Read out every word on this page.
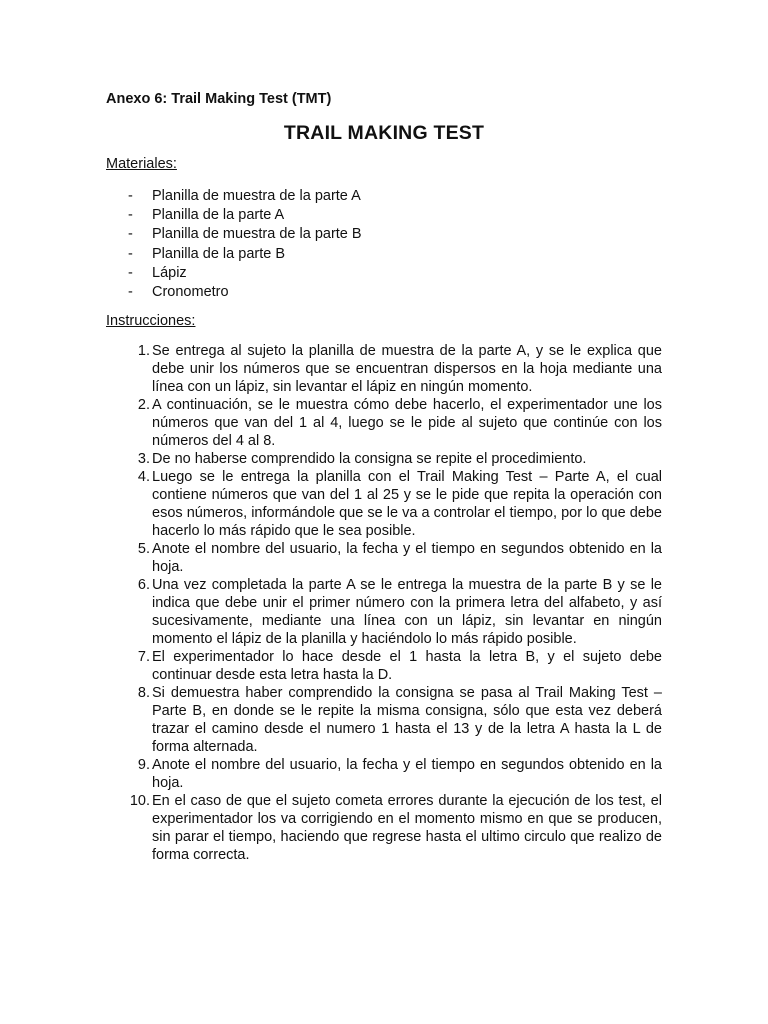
Anexo 6: Trail Making Test (TMT)

TRAIL MAKING TEST

Materiales:

- Planilla de muestra de la parte A
- Planilla de la parte A
- Planilla de muestra de la parte B
- Planilla de la parte B
- Lápiz
- Cronometro

Instrucciones:

1. Se entrega al sujeto la planilla de muestra de la parte A, y se le explica que debe unir los números que se encuentran dispersos en la hoja mediante una línea con un lápiz, sin levantar el lápiz en ningún momento.
2. A continuación, se le muestra cómo debe hacerlo, el experimentador une los números que van del 1 al 4, luego se le pide al sujeto que continúe con los números del 4 al 8.
3. De no haberse comprendido la consigna se repite el procedimiento.
4. Luego se le entrega la planilla con el Trail Making Test – Parte A, el cual contiene números que van del 1 al 25 y se le pide que repita la operación con esos números, informándole que se le va a controlar el tiempo, por lo que debe hacerlo lo más rápido que le sea posible.
5. Anote el nombre del usuario, la fecha y el tiempo en segundos obtenido en la hoja.
6. Una vez completada la parte A se le entrega la muestra de la parte B y se le indica que debe unir el primer número con la primera letra del alfabeto, y así sucesivamente, mediante una línea con un lápiz, sin levantar en ningún momento el lápiz de la planilla y haciéndolo lo más rápido posible.
7. El experimentador lo hace desde el 1 hasta la letra B, y el sujeto debe continuar desde esta letra hasta la D.
8. Si demuestra haber comprendido la consigna se pasa al Trail Making Test – Parte B, en donde se le repite la misma consigna, sólo que esta vez deberá trazar el camino desde el numero 1 hasta el 13 y de la letra A hasta la L de forma alternada.
9. Anote el nombre del usuario, la fecha y el tiempo en segundos obtenido en la hoja.
10. En el caso de que el sujeto cometa errores durante la ejecución de los test, el experimentador los va corrigiendo en el momento mismo en que se producen, sin parar el tiempo, haciendo que regrese hasta el ultimo circulo que realizo de forma correcta.
